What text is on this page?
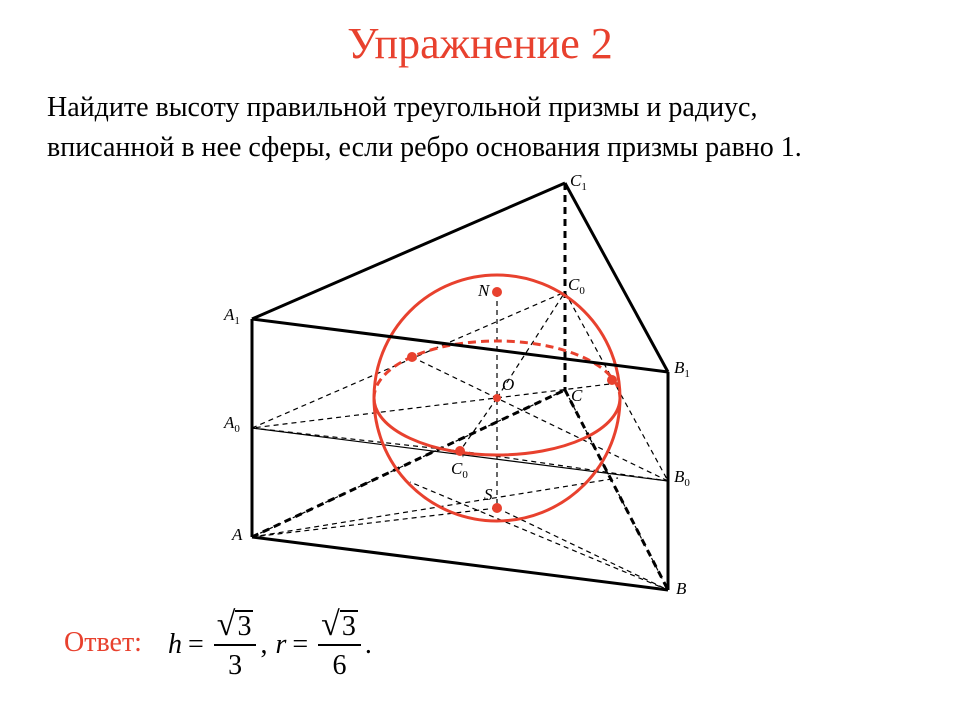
Упражнение 2
Найдите высоту правильной треугольной призмы и радиус,
вписанной в нее сферы, если ребро основания призмы равно 1.
$C_1$
$A_1$
$B_1$
$C_0$
$A_0$
$B_0$
$C_0'$
N
O
C
S
A
B
Ответ: $h = \frac{√ 3}{3}$ , $r = \frac{√ 3}{6}$ .
